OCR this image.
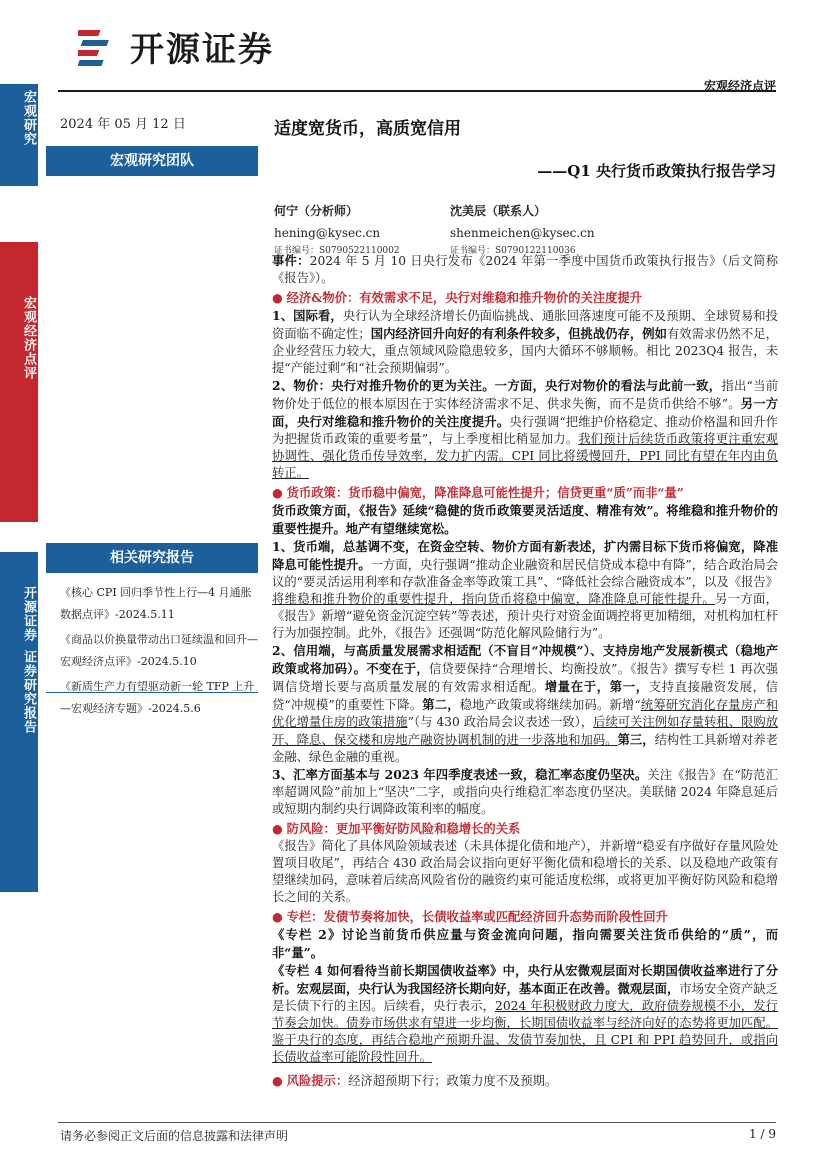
开源证券
宏观经济点评
宏观研究
宏观经济点评
开源证券
证券研究报告
2024 年 05 月 12 日
宏观研究团队
相关研究报告
《核心 CPI 回归季节性上行—4 月通胀数据点评》-2024.5.11
《商品以价换量带动出口延续温和回升—宏观经济点评》-2024.5.10
《新质生产力有望驱动新一轮 TFP 上升—宏观经济专题》-2024.5.6
适度宽货币，高质宽信用
——Q1 央行货币政策执行报告学习
何宁（分析师）
hening@kysec.cn
证书编号：S0790522110002
沈美辰（联系人）
shenmeichen@kysec.cn
证书编号：S0790122110036

事件：2024 年 5 月 10 日央行发布《2024 年第一季度中国货币政策执行报告》（后文简称《报告》）。

● 经济&物价：有效需求不足，央行对维稳和推升物价的关注度提升

1、国际看，央行认为全球经济增长仍面临挑战、通胀回落速度可能不及预期、全球贸易和投资面临不确定性；国内经济回升向好的有利条件较多，但挑战仍存，例如有效需求仍然不足，企业经营压力较大，重点领域风险隐患较多，国内大循环不够顺畅。相比 2023Q4 报告，未提“产能过剩”和“社会预期偏弱”。

2、物价：央行对推升物价的更为关注。一方面，央行对物价的看法与此前一致，指出“当前物价处于低位的根本原因在于实体经济需求不足、供求失衡，而不是货币供给不够”。另一方面，央行对维稳和推升物价的关注度提升。央行强调“把维护价格稳定、推动价格温和回升作为把握货币政策的重要考量”，与上季度相比稍显加力。我们预计后续货币政策将更注重宏观协调性、强化货币传导效率，发力扩内需。CPI 同比将缓慢回升，PPI 同比有望在年内由负转正。

● 货币政策：货币稳中偏宽，降准降息可能性提升；信贷更重“质”而非“量”

货币政策方面，《报告》延续“稳健的货币政策要灵活适度、精准有效”。将维稳和推升物价的重要性提升。地产有望继续宽松。

1、货币端，总基调不变，在资金空转、物价方面有新表述，扩内需目标下货币将偏宽，降准降息可能性提升。一方面，央行强调“推动企业融资和居民信贷成本稳中有降”，结合政治局会议的“要灵活运用利率和存款准备金率等政策工具”、“降低社会综合融资成本”，以及《报告》将维稳和推升物价的重要性提升，指向货币将稳中偏宽，降准降息可能性提升。另一方面，《报告》新增“避免资金沉淀空转”等表述，预计央行对资金面调控将更加精细，对机构加杠杆行为加强控制。此外，《报告》还强调“防范化解风险储行为”。

2、信用端，与高质量发展需求相适配（不盲目“冲规模”）、支持房地产发展新模式（稳地产政策或将加码）。不变在于，信贷要保持“合理增长、均衡投放”。《报告》撰写专栏 1 再次强调信贷增长要与高质量发展的有效需求相适配。增量在于，第一，支持直接融资发展，信贷“冲规模”的重要性下降。第二，稳地产政策或将继续加码。新增“统筹研究消化存量房产和优化增量住房的政策措施”（与 430 政治局会议表述一致），后续可关注例如存量转租、限购放开、降息、保交楼和房地产融资协调机制的进一步落地和加码。第三，结构性工具新增对养老金融、绿色金融的重视。

3、汇率方面基本与 2023 年四季度表述一致，稳汇率态度仍坚决。关注《报告》在“防范汇率超调风险”前加上“坚决”二字，或指向央行维稳汇率态度仍坚决。美联储 2024 年降息延后或短期内制约央行调降政策利率的幅度。

● 防风险：更加平衡好防风险和稳增长的关系

《报告》简化了具体风险领域表述（未具体提化债和地产），并新增“稳妥有序做好存量风险处置项目收尾”，再结合 430 政治局会议指向更好平衡化债和稳增长的关系、以及稳地产政策有望继续加码，意味着后续高风险省份的融资约束可能适度松绑，或将更加平衡好防风险和稳增长之间的关系。

● 专栏：发债节奏将加快，长债收益率或匹配经济回升态势而阶段性回升

《专栏 2》讨论当前货币供应量与资金流向问题，指向需要关注货币供给的“质”，而非“量”。

《专栏 4 如何看待当前长期国债收益率》中，央行从宏微观层面对长期国债收益率进行了分析。宏观层面，央行认为我国经济长期向好，基本面正在改善。微观层面，市场安全资产缺乏是长债下行的主因。后续看，央行表示，2024 年积极财政力度大，政府债券规模不小，发行节奏会加快。债券市场供求有望进一步均衡，长期国债收益率与经济向好的态势将更加匹配。鉴于央行的态度，再结合稳地产预期升温、发债节奏加快，且 CPI 和 PPI 趋势回升，或指向长债收益率可能阶段性回升。

● 风险提示：经济超预期下行；政策力度不及预期。

请务必参阅正文后面的信息披露和法律声明	1 / 9
